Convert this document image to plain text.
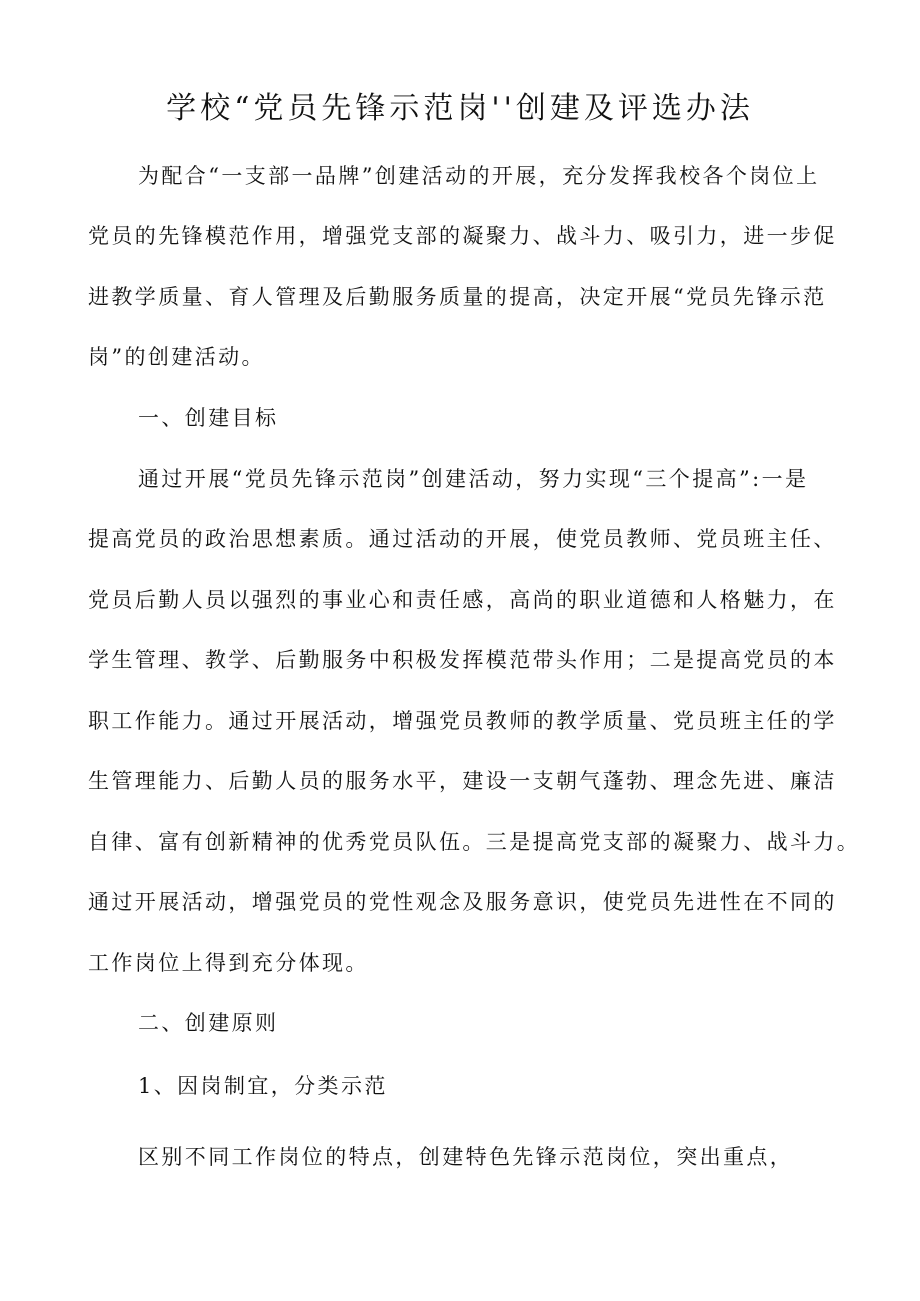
学校“党员先锋示范岗''创建及评选办法
为配合“一支部一品牌”创建活动的开展，充分发挥我校各个岗位上
党员的先锋模范作用，增强党支部的凝聚力、战斗力、吸引力，进一步促
进教学质量、育人管理及后勤服务质量的提高，决定开展“党员先锋示范
岗”的创建活动。
一、创建目标
通过开展“党员先锋示范岗”创建活动，努力实现“三个提高”:一是
提高党员的政治思想素质。通过活动的开展，使党员教师、党员班主任、
党员后勤人员以强烈的事业心和责任感，高尚的职业道德和人格魅力，在
学生管理、教学、后勤服务中积极发挥模范带头作用；二是提高党员的本
职工作能力。通过开展活动，增强党员教师的教学质量、党员班主任的学
生管理能力、后勤人员的服务水平，建设一支朝气蓬勃、理念先进、廉洁
自律、富有创新精神的优秀党员队伍。三是提高党支部的凝聚力、战斗力。
通过开展活动，增强党员的党性观念及服务意识，使党员先进性在不同的
工作岗位上得到充分体现。
二、创建原则
1、因岗制宜，分类示范
区别不同工作岗位的特点，创建特色先锋示范岗位，突出重点，
